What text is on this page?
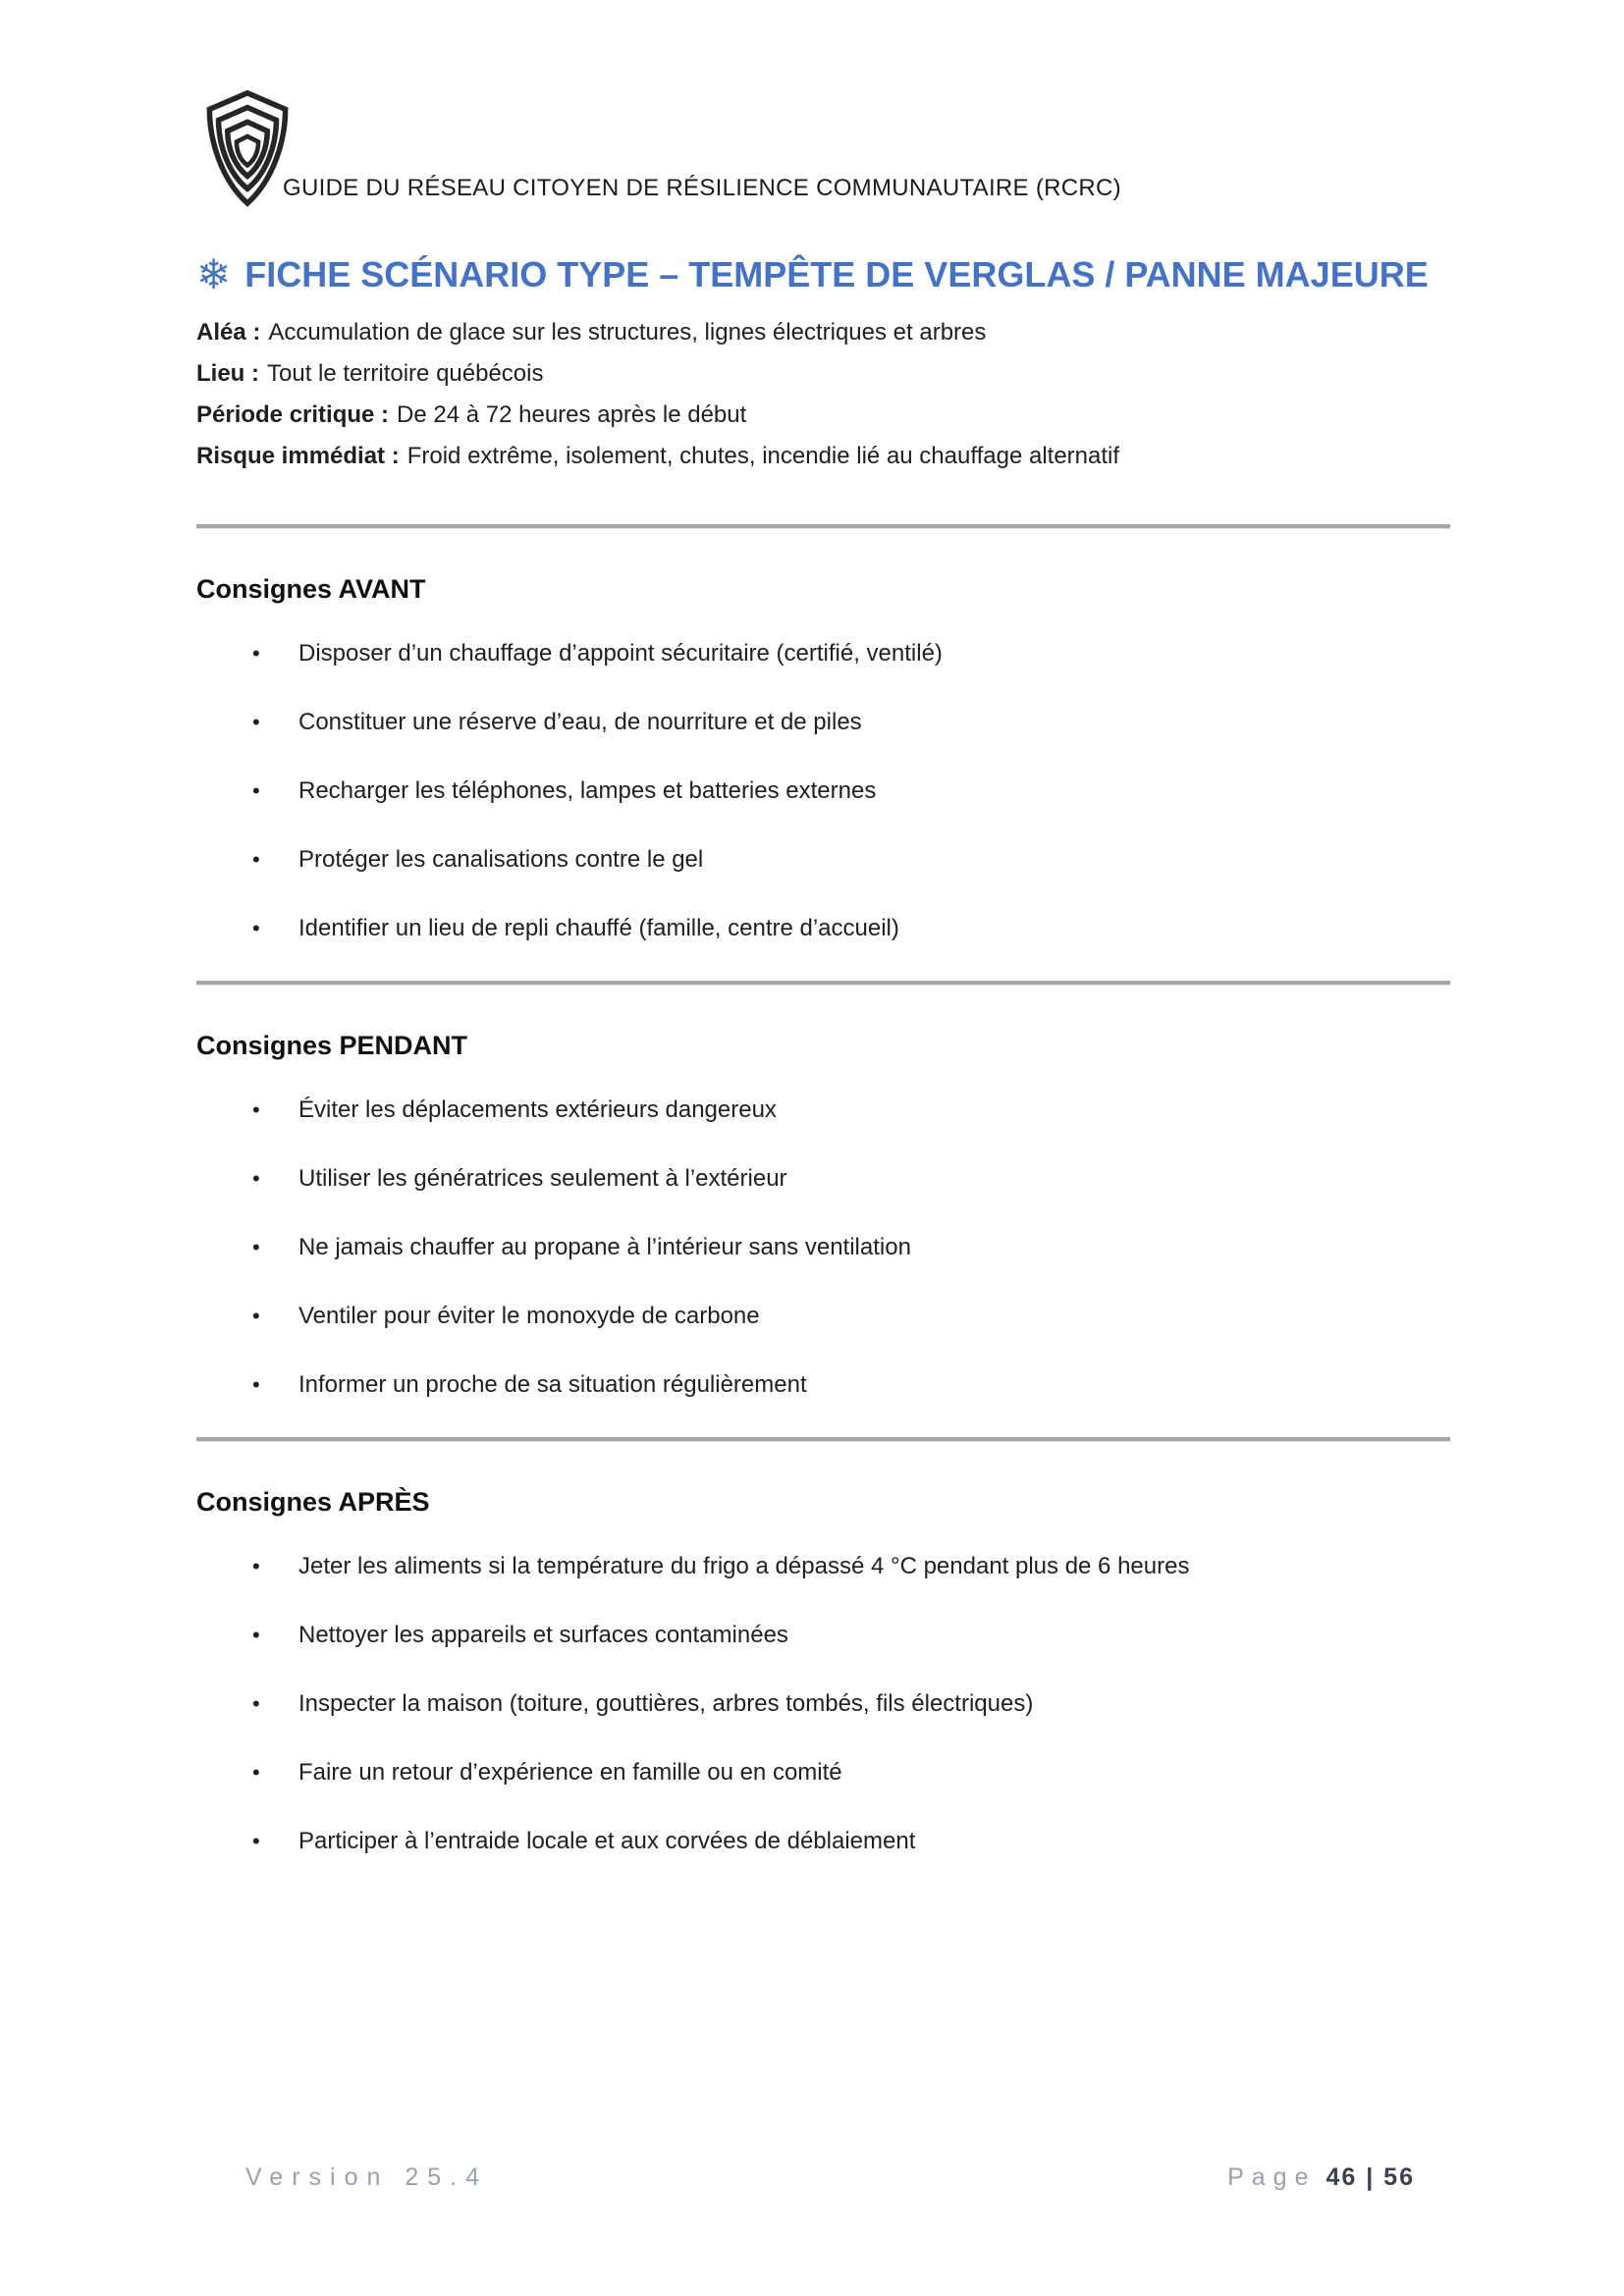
GUIDE DU RÉSEAU CITOYEN DE RÉSILIENCE COMMUNAUTAIRE (RCRC)
❄ FICHE SCÉNARIO TYPE – TEMPÊTE DE VERGLAS / PANNE MAJEURE
Aléa : Accumulation de glace sur les structures, lignes électriques et arbres
Lieu : Tout le territoire québécois
Période critique : De 24 à 72 heures après le début
Risque immédiat : Froid extrême, isolement, chutes, incendie lié au chauffage alternatif
Consignes AVANT
•	Disposer d’un chauffage d’appoint sécuritaire (certifié, ventilé)
•	Constituer une réserve d’eau, de nourriture et de piles
•	Recharger les téléphones, lampes et batteries externes
•	Protéger les canalisations contre le gel
•	Identifier un lieu de repli chauffé (famille, centre d’accueil)
Consignes PENDANT
•	Éviter les déplacements extérieurs dangereux
•	Utiliser les génératrices seulement à l’extérieur
•	Ne jamais chauffer au propane à l’intérieur sans ventilation
•	Ventiler pour éviter le monoxyde de carbone
•	Informer un proche de sa situation régulièrement
Consignes APRÈS
•	Jeter les aliments si la température du frigo a dépassé 4 °C pendant plus de 6 heures
•	Nettoyer les appareils et surfaces contaminées
•	Inspecter la maison (toiture, gouttières, arbres tombés, fils électriques)
•	Faire un retour d’expérience en famille ou en comité
•	Participer à l’entraide locale et aux corvées de déblaiement
Version 25.4	Page 46 | 56
